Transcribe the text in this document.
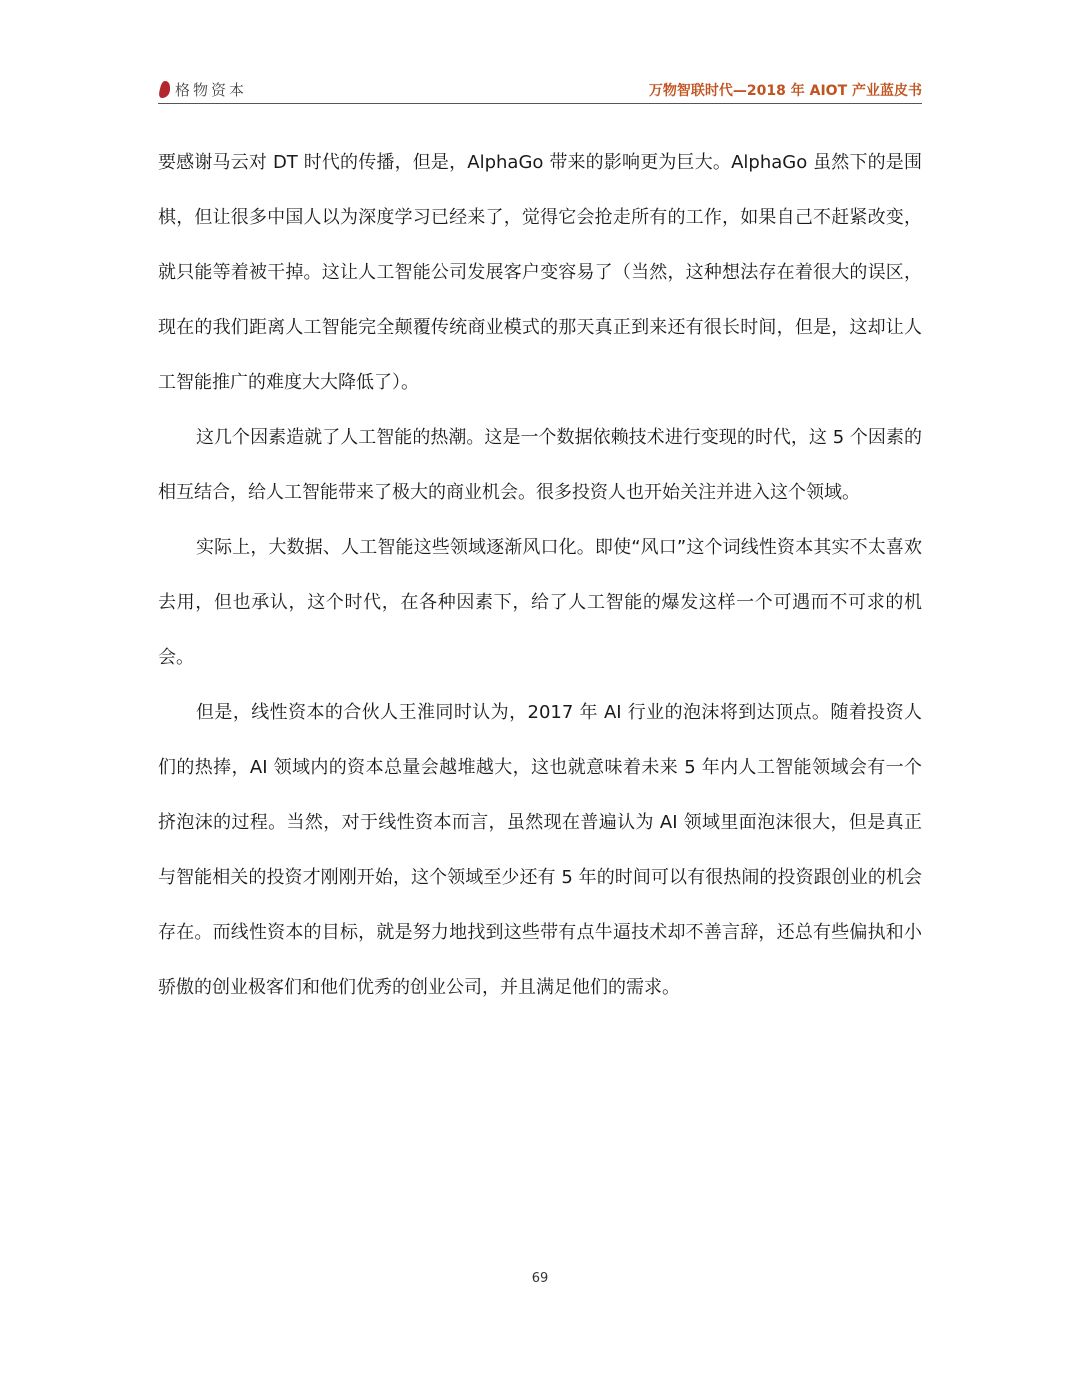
格物资本	万物智联时代—2018 年 AIOT 产业蓝皮书

要感谢马云对 DT 时代的传播，但是，AlphaGo 带来的影响更为巨大。AlphaGo 虽然下的是围棋，但让很多中国人以为深度学习已经来了，觉得它会抢走所有的工作，如果自己不赶紧改变，就只能等着被干掉。这让人工智能公司发展客户变容易了（当然，这种想法存在着很大的误区，现在的我们距离人工智能完全颠覆传统商业模式的那天真正到来还有很长时间，但是，这却让人工智能推广的难度大大降低了）。

这几个因素造就了人工智能的热潮。这是一个数据依赖技术进行变现的时代，这 5 个因素的相互结合，给人工智能带来了极大的商业机会。很多投资人也开始关注并进入这个领域。

实际上，大数据、人工智能这些领域逐渐风口化。即使“风口”这个词线性资本其实不太喜欢去用，但也承认，这个时代，在各种因素下，给了人工智能的爆发这样一个可遇而不可求的机会。

但是，线性资本的合伙人王淮同时认为，2017 年 AI 行业的泡沫将到达顶点。随着投资人们的热捧，AI 领域内的资本总量会越堆越大，这也就意味着未来 5 年内人工智能领域会有一个挤泡沫的过程。当然，对于线性资本而言，虽然现在普遍认为 AI 领域里面泡沫很大，但是真正与智能相关的投资才刚刚开始，这个领域至少还有 5 年的时间可以有很热闹的投资跟创业的机会存在。而线性资本的目标，就是努力地找到这些带有点牛逼技术却不善言辞，还总有些偏执和小骄傲的创业极客们和他们优秀的创业公司，并且满足他们的需求。

69
